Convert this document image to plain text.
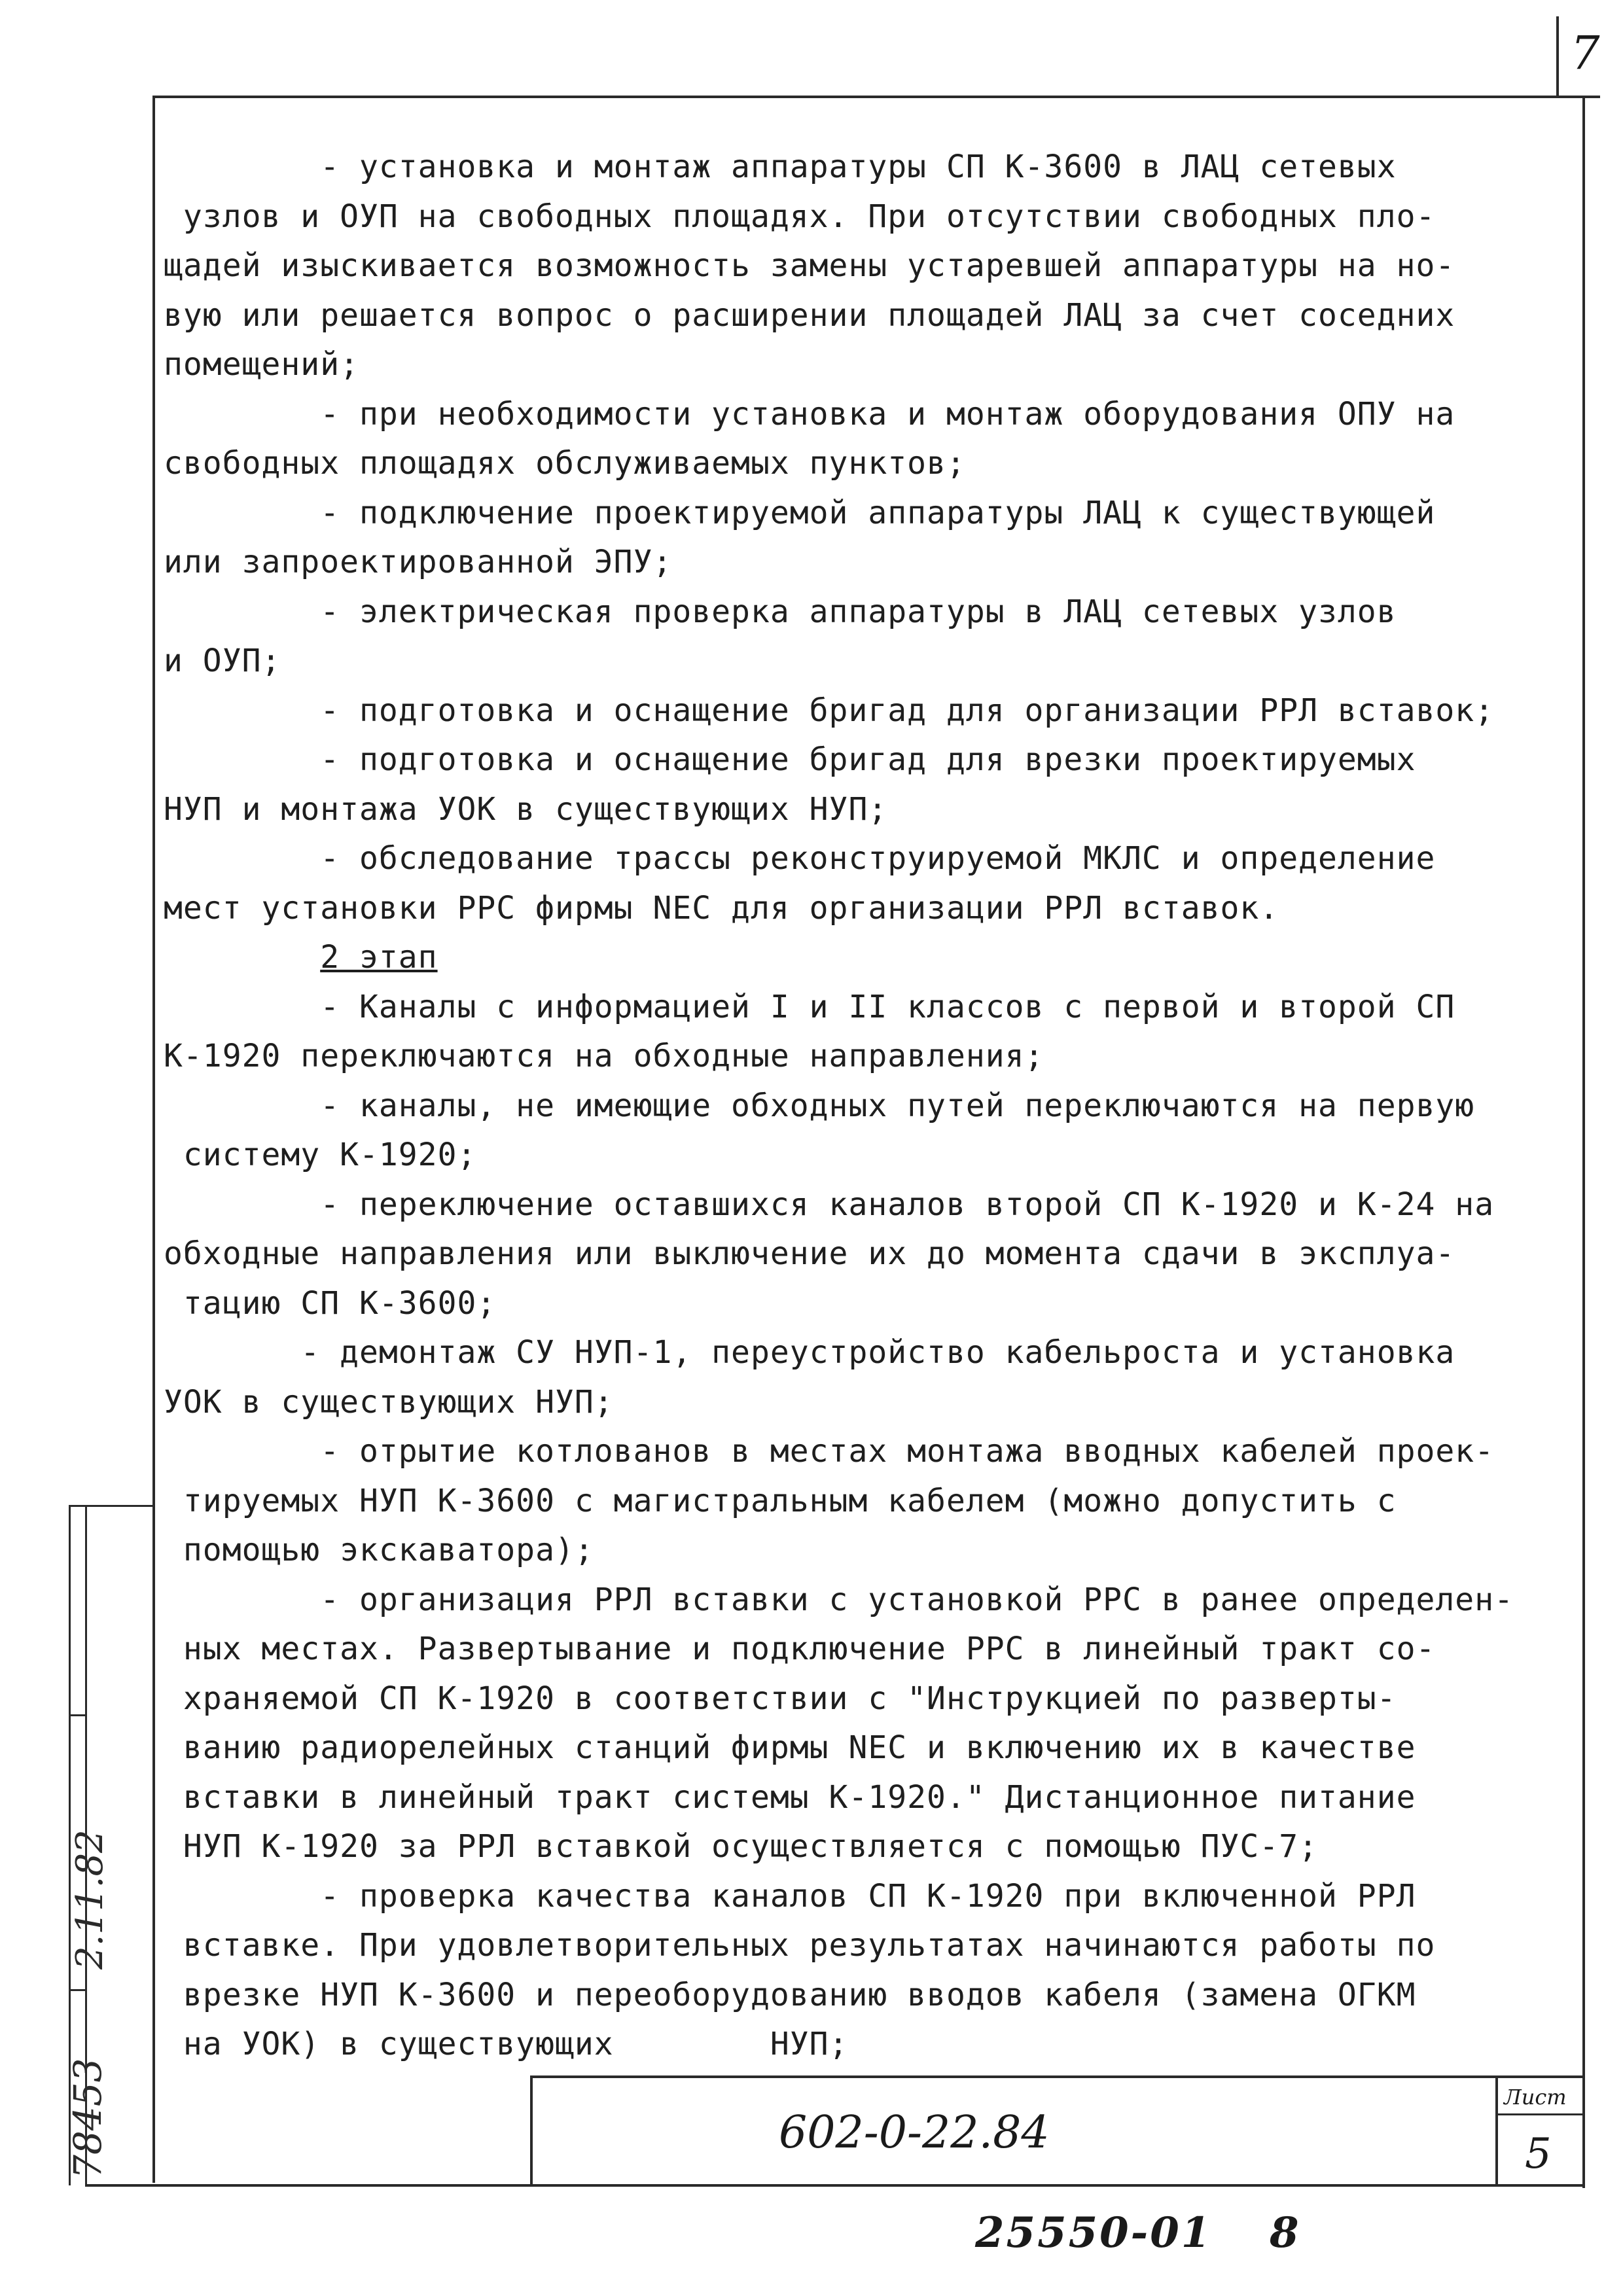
7
- установка и монтаж аппаратуры СП К-3600 в ЛАЦ сетевых
узлов и ОУП на свободных площадях. При отсутствии свободных пло-
щадей изыскивается возможность замены устаревшей аппаратуры на но-
вую или решается вопрос о расширении площадей ЛАЦ за счет соседних
помещений;
- при необходимости установка и монтаж оборудования ОПУ на
свободных площадях обслуживаемых пунктов;
- подключение проектируемой аппаратуры ЛАЦ к существующей
или запроектированной ЭПУ;
- электрическая проверка аппаратуры в ЛАЦ сетевых узлов
и ОУП;
- подготовка и оснащение бригад для организации РРЛ вставок;
- подготовка и оснащение бригад для врезки проектируемых
НУП и монтажа УОК в существующих НУП;
- обследование трассы реконструируемой МКЛС и определение
мест установки РРС фирмы NEC для организации РРЛ вставок.
2 этап
- Каналы с информацией I и II классов с первой и второй СП
К-1920 переключаются на обходные направления;
- каналы, не имеющие обходных путей переключаются на первую
систему К-1920;
- переключение оставшихся каналов второй СП К-1920 и К-24 на
обходные направления или выключение их до момента сдачи в эксплуа-
тацию СП К-3600;
- демонтаж СУ НУП-1, переустройство кабельроста и установка
УОК в существующих НУП;
- отрытие котлованов в местах монтажа вводных кабелей проек-
тируемых НУП К-3600 с магистральным кабелем (можно допустить с
помощью экскаватора);
- организация РРЛ вставки с установкой РРС в ранее определен-
ных местах. Развертывание и подключение РРС в линейный тракт со-
храняемой СП К-1920 в соответствии с "Инструкцией по разверты-
ванию радиорелейных станций фирмы NEC и включению их в качестве
вставки в линейный тракт системы К-1920." Дистанционное питание
НУП К-1920 за РРЛ вставкой осуществляется с помощью ПУС-7;
- проверка качества каналов СП К-1920 при включенной РРЛ
вставке. При удовлетворительных результатах начинаются работы по
врезке НУП К-3600 и переоборудованию вводов кабеля (замена ОГКМ
на УОК) в существующих        НУП;
602-0-22.84
Лист
5
25550-01 8
78453
2.11.82
